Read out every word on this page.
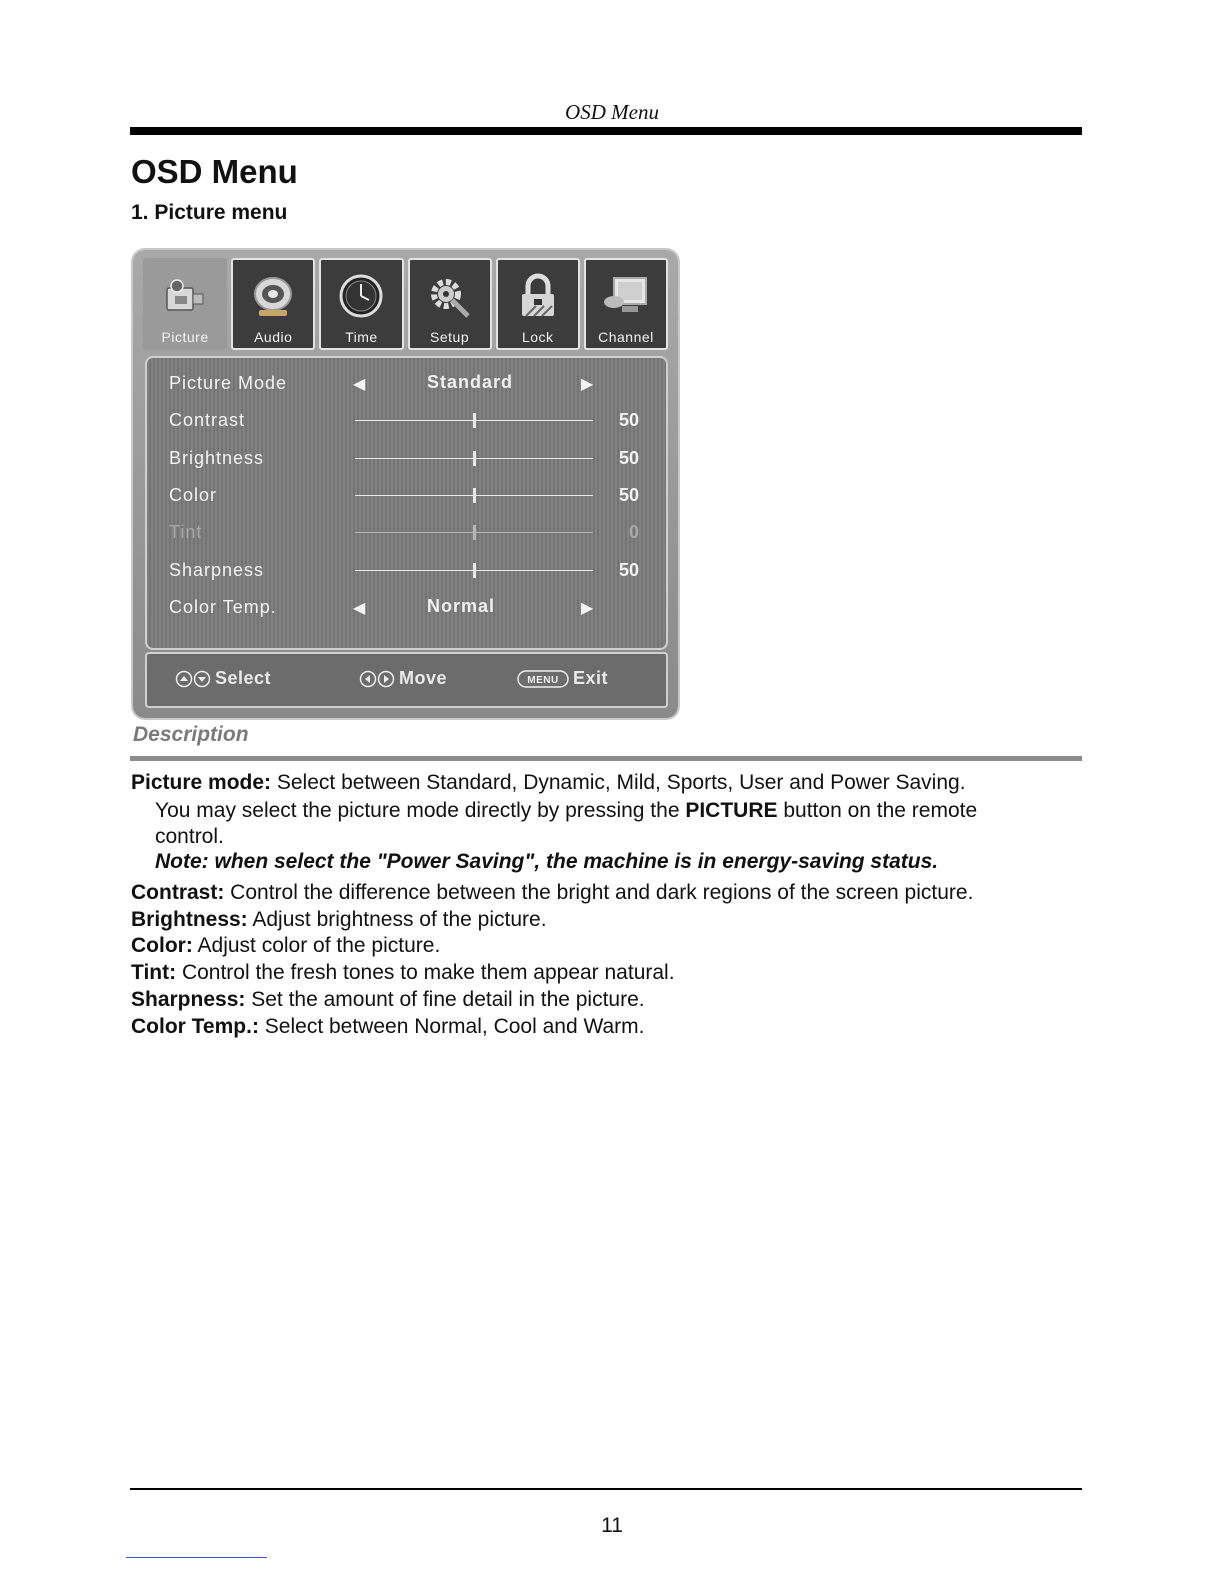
OSD Menu
OSD Menu
1. Picture menu
Picture	Audio	Time	Setup	Lock	Channel
Picture Mode	◀	Standard	▶
Contrast	50
Brightness	50
Color	50
Tint	0
Sharpness	50
Color Temp.	◀	Normal	▶
Select	Move	MENU Exit
Description
Picture mode: Select between Standard, Dynamic, Mild, Sports, User and Power Saving.
You may select the picture mode directly by pressing the PICTURE button on the remote
control.
Note: when select the "Power Saving", the machine is in energy-saving status.
Contrast: Control the difference between the bright and dark regions of the screen picture.
Brightness: Adjust brightness of the picture.
Color: Adjust color of the picture.
Tint: Control the fresh tones to make them appear natural.
Sharpness: Set the amount of fine detail in the picture.
Color Temp.: Select between Normal, Cool and Warm.
11
